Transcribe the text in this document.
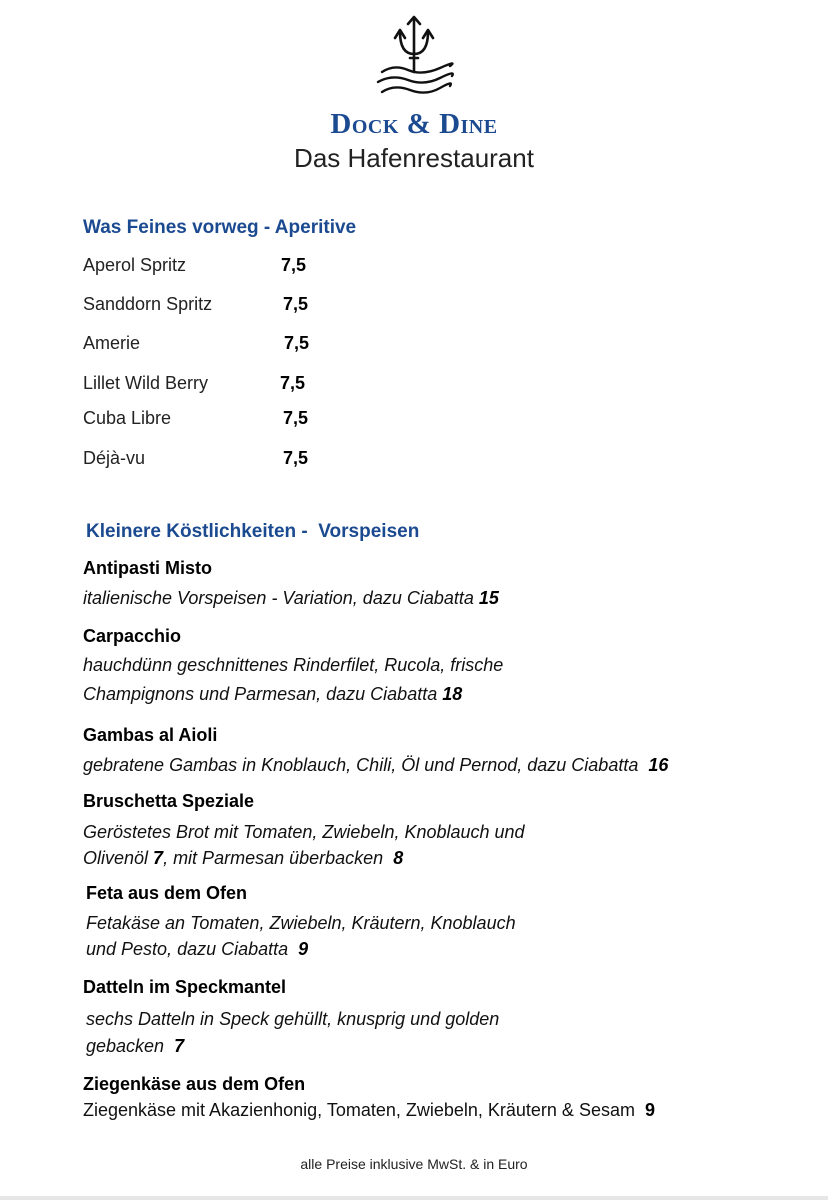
Dock & Dine
Das Hafenrestaurant
Was Feines vorweg - Aperitive
Aperol Spritz	7,5
Sanddorn Spritz	7,5
Amerie	7,5
Lillet Wild Berry	7,5
Cuba Libre	7,5
Déjà-vu	7,5
Kleinere Köstlichkeiten -  Vorspeisen
Antipasti Misto
italienische Vorspeisen - Variation, dazu Ciabatta 15
Carpacchio
hauchdünn geschnittenes Rinderfilet, Rucola, frische
Champignons und Parmesan, dazu Ciabatta 18
Gambas al Aioli
gebratene Gambas in Knoblauch, Chili, Öl und Pernod, dazu Ciabatta 16
Bruschetta Speziale
Geröstetes Brot mit Tomaten, Zwiebeln, Knoblauch und
Olivenöl 7, mit Parmesan überbacken 8
Feta aus dem Ofen
Fetakäse an Tomaten, Zwiebeln, Kräutern, Knoblauch
und Pesto, dazu Ciabatta 9
Datteln im Speckmantel
sechs Datteln in Speck gehüllt, knusprig und golden
gebacken 7
Ziegenkäse aus dem Ofen
Ziegenkäse mit Akazienhonig, Tomaten, Zwiebeln, Kräutern & Sesam 9
alle Preise inklusive MwSt. & in Euro
